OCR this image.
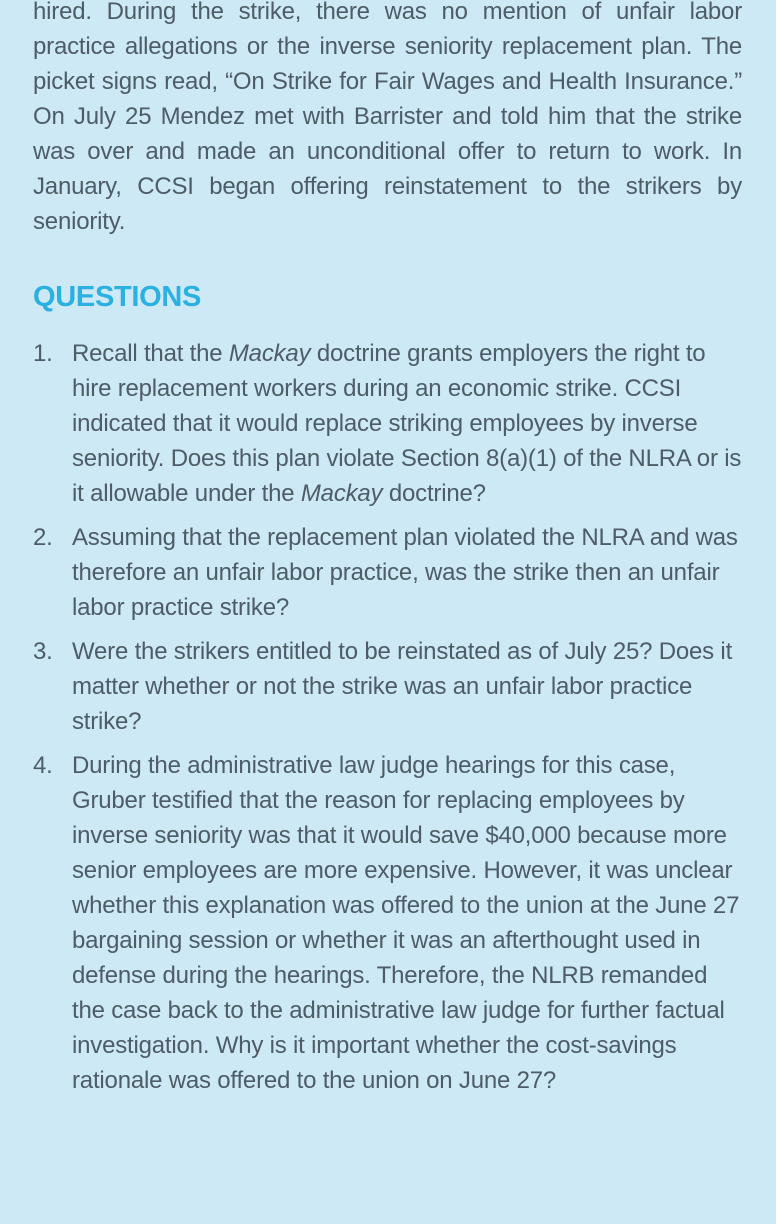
hired. During the strike, there was no mention of unfair labor practice allegations or the inverse seniority replacement plan. The picket signs read, “On Strike for Fair Wages and Health Insurance.” On July 25 Mendez met with Barrister and told him that the strike was over and made an unconditional offer to return to work. In January, CCSI began offering reinstatement to the strikers by seniority.

QUESTIONS
1. Recall that the Mackay doctrine grants employers the right to hire replacement workers during an economic strike. CCSI indicated that it would replace striking employees by inverse seniority. Does this plan violate Section 8(a)(1) of the NLRA or is it allowable under the Mackay doctrine?
2. Assuming that the replacement plan violated the NLRA and was therefore an unfair labor practice, was the strike then an unfair labor practice strike?
3. Were the strikers entitled to be reinstated as of July 25? Does it matter whether or not the strike was an unfair labor practice strike?
4. During the administrative law judge hearings for this case, Gruber testified that the reason for replacing employees by inverse seniority was that it would save $40,000 because more senior employees are more expensive. However, it was unclear whether this explanation was offered to the union at the June 27 bargaining session or whether it was an afterthought used in defense during the hearings. Therefore, the NLRB remanded the case back to the administrative law judge for further factual investigation. Why is it important whether the cost-savings rationale was offered to the union on June 27?
